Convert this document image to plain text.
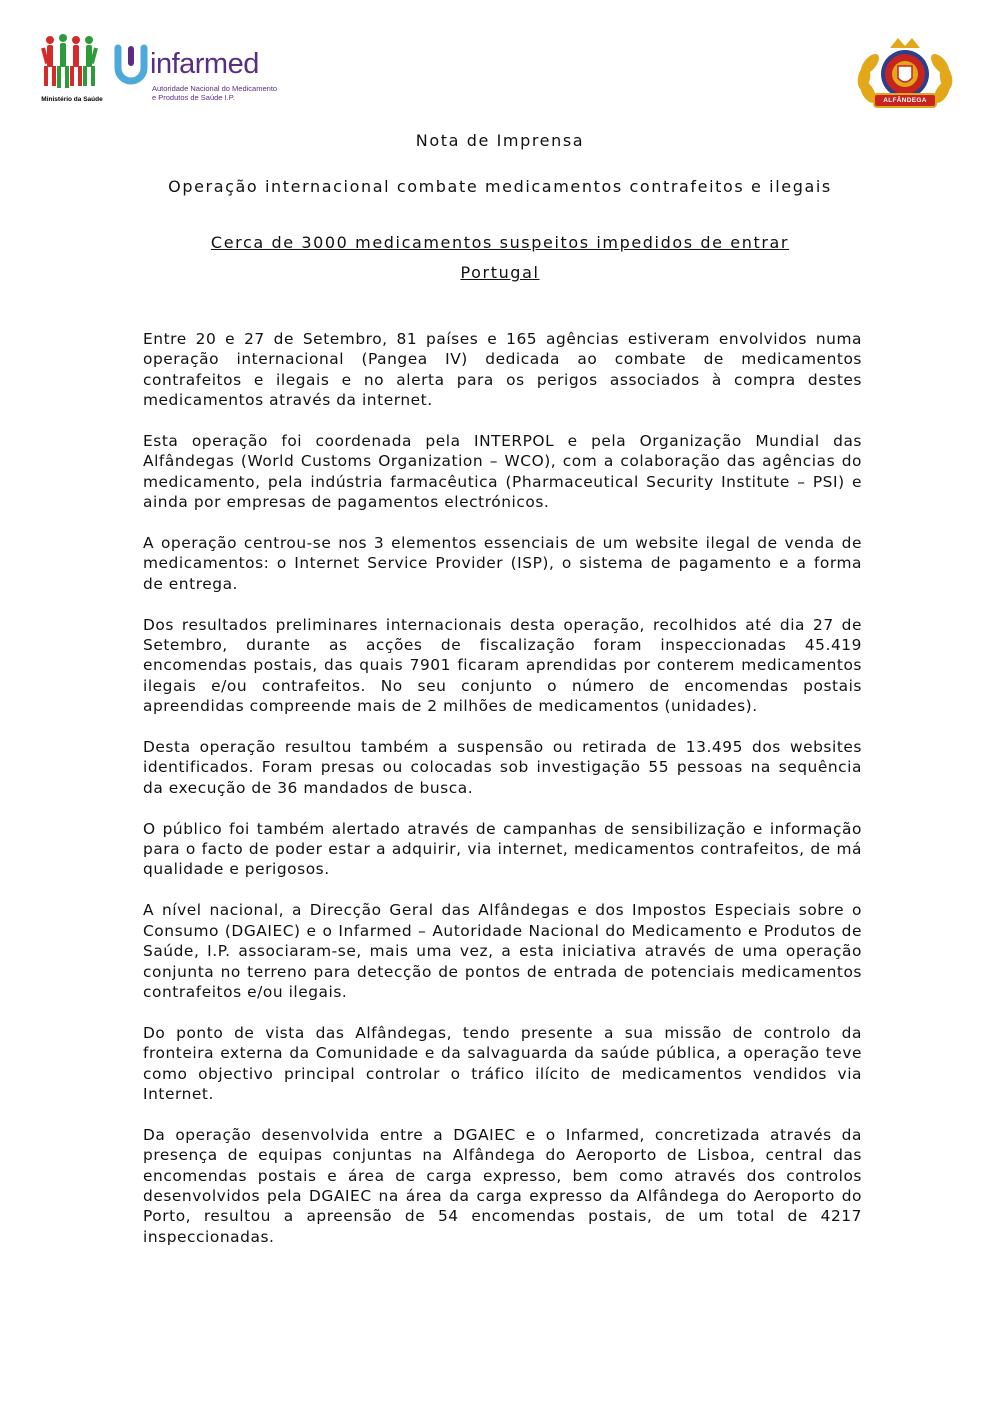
Ministério da Saúde
infarmed
Autoridade Nacional do Medicamento
e Produtos de Saúde I.P.	ALFÂNDEGA
Nota de Imprensa
Operação internacional combate medicamentos contrafeitos e ilegais
Cerca de 3000 medicamentos suspeitos impedidos de entrar
Portugal

Entre 20 e 27 de Setembro, 81 países e 165 agências estiveram envolvidos numa operação internacional (Pangea IV) dedicada ao combate de medicamentos contrafeitos e ilegais e no alerta para os perigos associados à compra destes medicamentos através da internet.

Esta operação foi coordenada pela INTERPOL e pela Organização Mundial das Alfândegas (World Customs Organization – WCO), com a colaboração das agências do medicamento, pela indústria farmacêutica (Pharmaceutical Security Institute – PSI) e ainda por empresas de pagamentos electrónicos.

A operação centrou-se nos 3 elementos essenciais de um website ilegal de venda de medicamentos: o Internet Service Provider (ISP), o sistema de pagamento e a forma de entrega.

Dos resultados preliminares internacionais desta operação, recolhidos até dia 27 de Setembro, durante as acções de fiscalização foram inspeccionadas 45.419 encomendas postais, das quais 7901 ficaram aprendidas por conterem medicamentos ilegais e/ou contrafeitos. No seu conjunto o número de encomendas postais apreendidas compreende mais de 2 milhões de medicamentos (unidades).

Desta operação resultou também a suspensão ou retirada de 13.495 dos websites identificados. Foram presas ou colocadas sob investigação 55 pessoas na sequência da execução de 36 mandados de busca.

O público foi também alertado através de campanhas de sensibilização e informação para o facto de poder estar a adquirir, via internet, medicamentos contrafeitos, de má qualidade e perigosos.

A nível nacional, a Direcção Geral das Alfândegas e dos Impostos Especiais sobre o Consumo (DGAIEC) e o Infarmed – Autoridade Nacional do Medicamento e Produtos de Saúde, I.P. associaram-se, mais uma vez, a esta iniciativa através de uma operação conjunta no terreno para detecção de pontos de entrada de potenciais medicamentos contrafeitos e/ou ilegais.

Do ponto de vista das Alfândegas, tendo presente a sua missão de controlo da fronteira externa da Comunidade e da salvaguarda da saúde pública, a operação teve como objectivo principal controlar o tráfico ilícito de medicamentos vendidos via Internet.

Da operação desenvolvida entre a DGAIEC e o Infarmed, concretizada através da presença de equipas conjuntas na Alfândega do Aeroporto de Lisboa, central das encomendas postais e área de carga expresso, bem como através dos controlos desenvolvidos pela DGAIEC na área da carga expresso da Alfândega do Aeroporto do Porto, resultou a apreensão de 54 encomendas postais, de um total de 4217 inspeccionadas.
